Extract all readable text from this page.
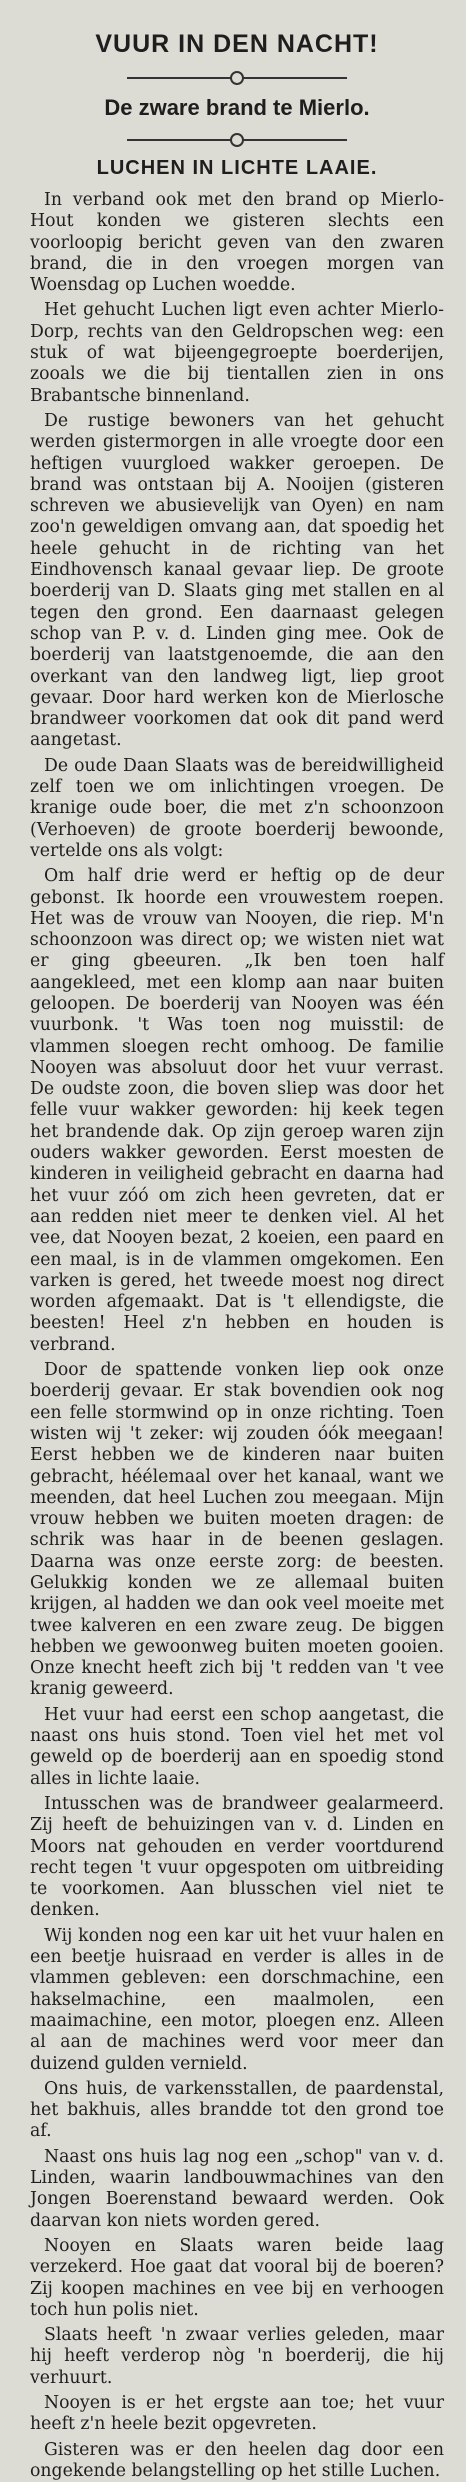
VUUR IN DEN NACHT!
De zware brand te Mierlo.
LUCHEN IN LICHTE LAAIE.

In verband ook met den brand op Mierlo-Hout konden we gisteren slechts een voorloopig bericht geven van den zwaren brand, die in den vroegen morgen van Woensdag op Luchen woedde.

Het gehucht Luchen ligt even achter Mierlo-Dorp, rechts van den Geldropschen weg: een stuk of wat bijeengegroepte boerderijen, zooals we die bij tientallen zien in ons Brabantsche binnenland.

De rustige bewoners van het gehucht werden gistermorgen in alle vroegte door een heftigen vuurgloed wakker geroepen. De brand was ontstaan bij A. Nooijen (gisteren schreven we abusievelijk van Oyen) en nam zoo'n geweldigen omvang aan, dat spoedig het heele gehucht in de richting van het Eindhovensch kanaal gevaar liep. De groote boerderij van D. Slaats ging met stallen en al tegen den grond. Een daarnaast gelegen schop van P. v. d. Linden ging mee. Ook de boerderij van laatstgenoemde, die aan den overkant van den landweg ligt, liep groot gevaar. Door hard werken kon de Mierlosche brandweer voorkomen dat ook dit pand werd aangetast.

De oude Daan Slaats was de bereidwilligheid zelf toen we om inlichtingen vroegen. De kranige oude boer, die met z'n schoonzoon (Verhoeven) de groote boerderij bewoonde, vertelde ons als volgt:

Om half drie werd er heftig op de deur gebonst. Ik hoorde een vrouwestem roepen. Het was de vrouw van Nooyen, die riep. M'n schoonzoon was direct op; we wisten niet wat er ging gbeeuren. „Ik ben toen half aangekleed, met een klomp aan naar buiten geloopen. De boerderij van Nooyen was één vuurbonk. 't Was toen nog muisstil: de vlammen sloegen recht omhoog. De familie Nooyen was absoluut door het vuur verrast. De oudste zoon, die boven sliep was door het felle vuur wakker geworden: hij keek tegen het brandende dak. Op zijn geroep waren zijn ouders wakker geworden. Eerst moesten de kinderen in veiligheid gebracht en daarna had het vuur zóó om zich heen gevreten, dat er aan redden niet meer te denken viel. Al het vee, dat Nooyen bezat, 2 koeien, een paard en een maal, is in de vlammen omgekomen. Een varken is gered, het tweede moest nog direct worden afgemaakt. Dat is 't ellendigste, die beesten! Heel z'n hebben en houden is verbrand.

Door de spattende vonken liep ook onze boerderij gevaar. Er stak bovendien ook nog een felle stormwind op in onze richting. Toen wisten wij 't zeker: wij zouden óók meegaan! Eerst hebben we de kinderen naar buiten gebracht, héélemaal over het kanaal, want we meenden, dat heel Luchen zou meegaan. Mijn vrouw hebben we buiten moeten dragen: de schrik was haar in de beenen geslagen. Daarna was onze eerste zorg: de beesten. Gelukkig konden we ze allemaal buiten krijgen, al hadden we dan ook veel moeite met twee kalveren en een zware zeug. De biggen hebben we gewoonweg buiten moeten gooien. Onze knecht heeft zich bij 't redden van 't vee kranig geweerd.

Het vuur had eerst een schop aangetast, die naast ons huis stond. Toen viel het met vol geweld op de boerderij aan en spoedig stond alles in lichte laaie.

Intusschen was de brandweer gealarmeerd. Zij heeft de behuizingen van v. d. Linden en Moors nat gehouden en verder voortdurend recht tegen 't vuur opgespoten om uitbreiding te voorkomen. Aan blusschen viel niet te denken.

Wij konden nog een kar uit het vuur halen en een beetje huisraad en verder is alles in de vlammen gebleven: een dorschmachine, een hakselmachine, een maalmolen, een maaimachine, een motor, ploegen enz. Alleen al aan de machines werd voor meer dan duizend gulden vernield.

Ons huis, de varkensstallen, de paardenstal, het bakhuis, alles brandde tot den grond toe af.

Naast ons huis lag nog een „schop" van v. d. Linden, waarin landbouwmachines van den Jongen Boerenstand bewaard werden. Ook daarvan kon niets worden gered.

Nooyen en Slaats waren beide laag verzekerd. Hoe gaat dat vooral bij de boeren? Zij koopen machines en vee bij en verhoogen toch hun polis niet.

Slaats heeft 'n zwaar verlies geleden, maar hij heeft verderop nòg 'n boerderij, die hij verhuurt.

Nooyen is er het ergste aan toe; het vuur heeft z'n heele bezit opgevreten.

Gisteren was er den heelen dag door een ongekende belangstelling op het stille Luchen.
